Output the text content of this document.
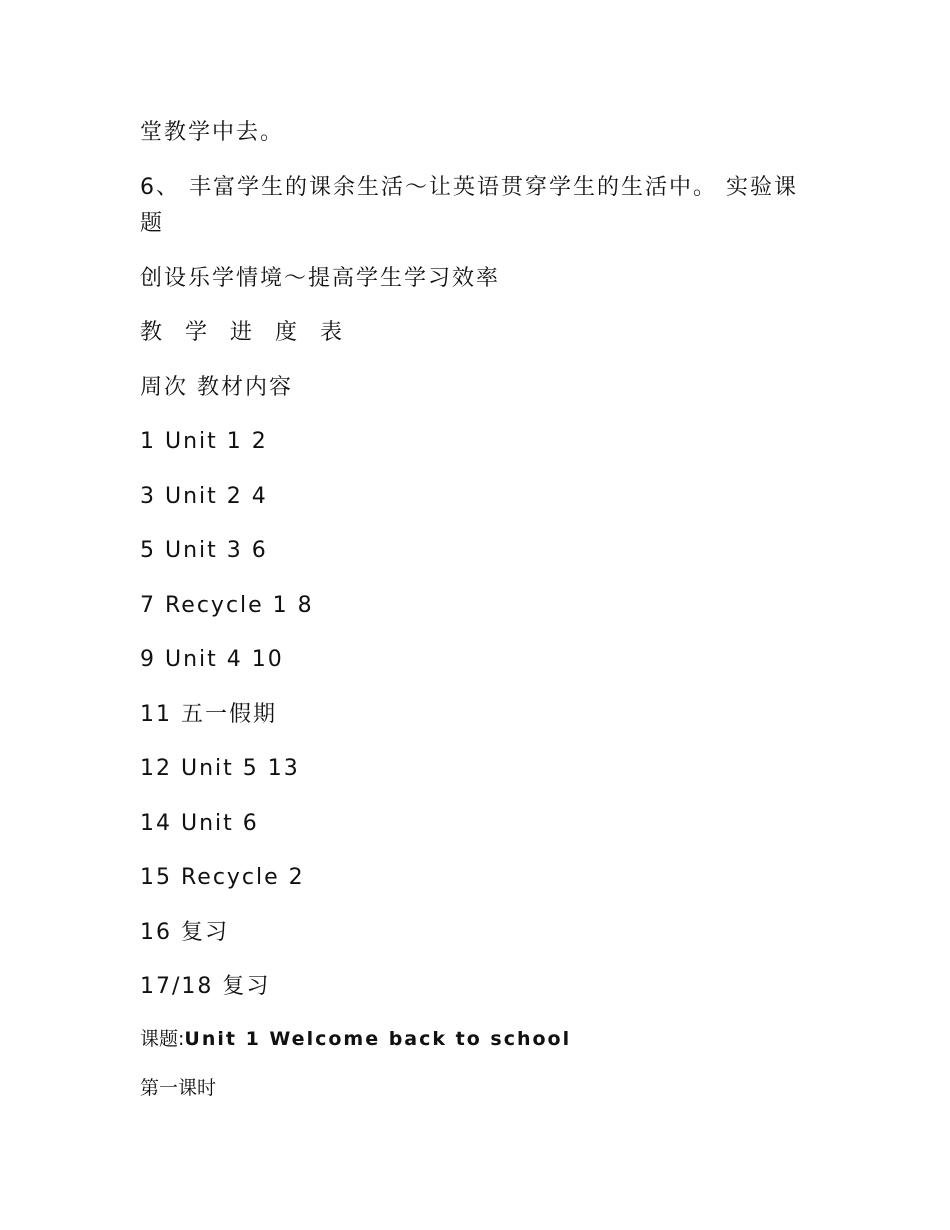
堂教学中去。
6、 丰富学生的课余生活～让英语贯穿学生的生活中。 实验课题
创设乐学情境～提高学生学习效率
教 学 进 度 表
周次 教材内容
1 Unit 1 2
3 Unit 2 4
5 Unit 3 6
7 Recycle 1 8
9 Unit 4 10
11 五一假期
12 Unit 5 13
14 Unit 6
15 Recycle 2
16 复习
17/18 复习
课题:Unit 1 Welcome back to school
第一课时
